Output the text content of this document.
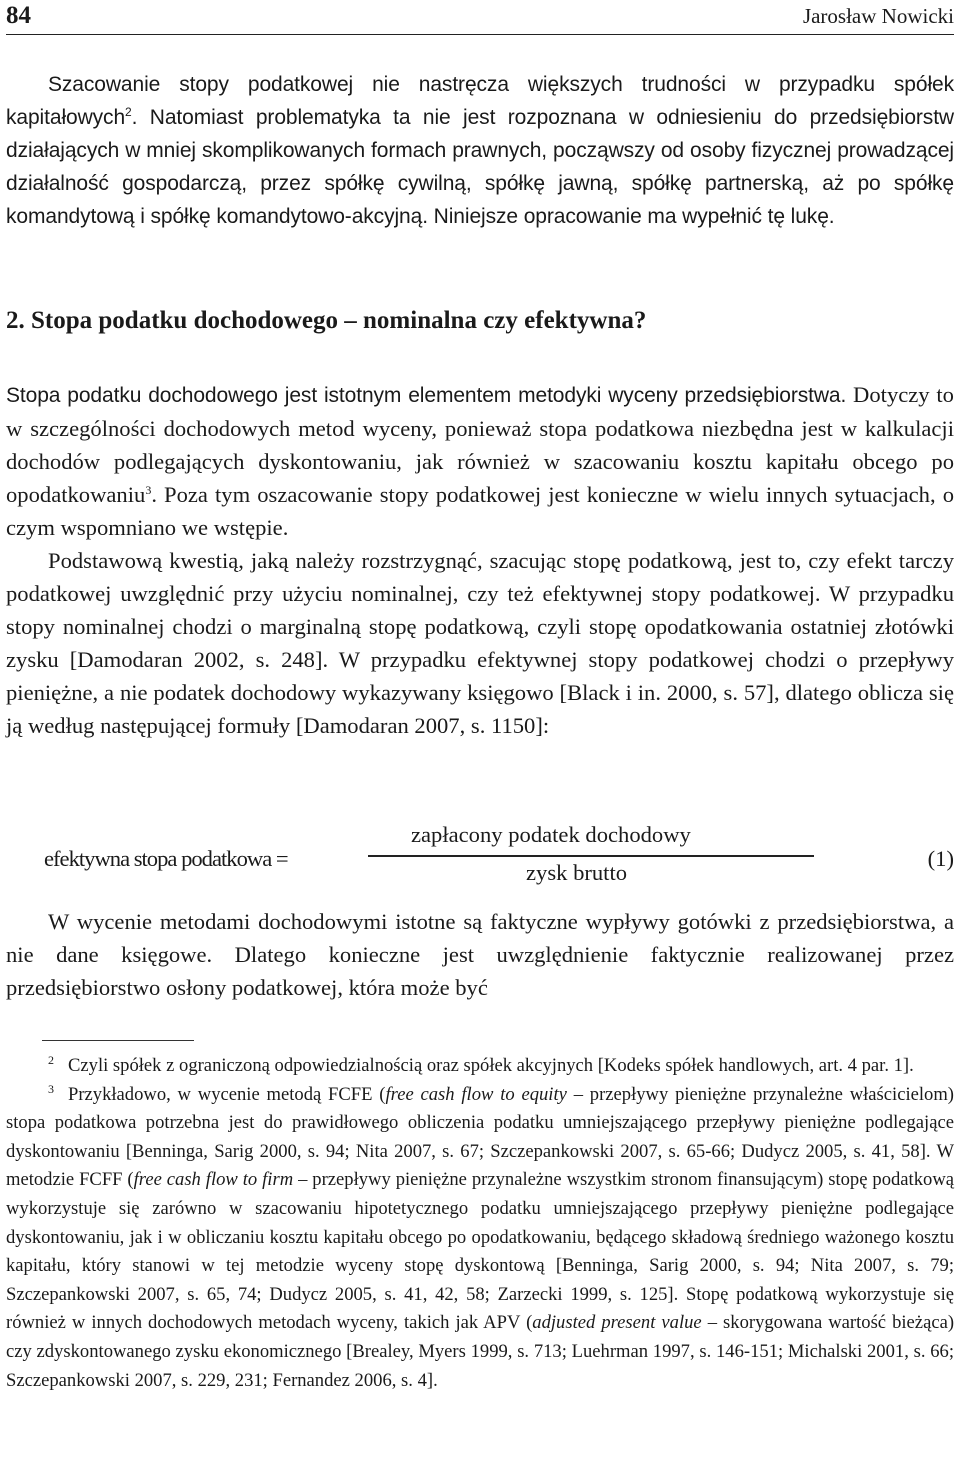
84	Jarosław Nowicki

Szacowanie stopy podatkowej nie nastręcza większych trudności w przypadku spółek kapitałowych$^2$. Natomiast problematyka ta nie jest rozpoznana w odniesieniu do przedsiębiorstw działających w mniej skomplikowanych formach prawnych, począwszy od osoby fizycznej prowadzącej działalność gospodarczą, przez spółkę cywilną, spółkę jawną, spółkę partnerską, aż po spółkę komandytową i spółkę komandytowo-akcyjną. Niniejsze opracowanie ma wypełnić tę lukę.

2. Stopa podatku dochodowego – nominalna czy efektywna?

Stopa podatku dochodowego jest istotnym elementem metodyki wyceny przedsiębiorstwa. Dotyczy to w szczególności dochodowych metod wyceny, ponieważ stopa podatkowa niezbędna jest w kalkulacji dochodów podlegających dyskontowaniu, jak również w szacowaniu kosztu kapitału obcego po opodatkowaniu$^3$. Poza tym oszacowanie stopy podatkowej jest konieczne w wielu innych sytuacjach, o czym wspomniano we wstępie.

Podstawową kwestią, jaką należy rozstrzygnąć, szacując stopę podatkową, jest to, czy efekt tarczy podatkowej uwzględnić przy użyciu nominalnej, czy też efektywnej stopy podatkowej. W przypadku stopy nominalnej chodzi o marginalną stopę podatkową, czyli stopę opodatkowania ostatniej złotówki zysku [Damodaran 2002, s. 248]. W przypadku efektywnej stopy podatkowej chodzi o przepływy pieniężne, a nie podatek dochodowy wykazywany księgowo [Black i in. 2000, s. 57], dlatego oblicza się ją według następującej formuły [Damodaran 2007, s. 1150]:

efektywna stopa podatkowa =
zapłacony podatek dochodowy
zysk brutto
(1)

W wycenie metodami dochodowymi istotne są faktyczne wypływy gotówki z przedsiębiorstwa, a nie dane księgowe. Dlatego konieczne jest uwzględnienie faktycznie realizowanej przez przedsiębiorstwo osłony podatkowej, która może być

$^2$ Czyli spółek z ograniczoną odpowiedzialnością oraz spółek akcyjnych [Kodeks spółek handlowych, art. 4 par. 1].

$^3$ Przykładowo, w wycenie metodą FCFE (free cash flow to equity – przepływy pieniężne przynależne właścicielom) stopa podatkowa potrzebna jest do prawidłowego obliczenia podatku umniejszającego przepływy pieniężne podlegające dyskontowaniu [Benninga, Sarig 2000, s. 94; Nita 2007, s. 67; Szczepankowski 2007, s. 65-66; Dudycz 2005, s. 41, 58]. W metodzie FCFF (free cash flow to firm – przepływy pieniężne przynależne wszystkim stronom finansującym) stopę podatkową wykorzystuje się zarówno w szacowaniu hipotetycznego podatku umniejszającego przepływy pieniężne podlegające dyskontowaniu, jak i w obliczaniu kosztu kapitału obcego po opodatkowaniu, będącego składową średniego ważonego kosztu kapitału, który stanowi w tej metodzie wyceny stopę dyskontową [Benninga, Sarig 2000, s. 94; Nita 2007, s. 79; Szczepankowski 2007, s. 65, 74; Dudycz 2005, s. 41, 42, 58; Zarzecki 1999, s. 125]. Stopę podatkową wykorzystuje się również w innych dochodowych metodach wyceny, takich jak APV (adjusted present value – skorygowana wartość bieżąca) czy zdyskontowanego zysku ekonomicznego [Brealey, Myers 1999, s. 713; Luehrman 1997, s. 146-151; Michalski 2001, s. 66; Szczepankowski 2007, s. 229, 231; Fernandez 2006, s. 4].
